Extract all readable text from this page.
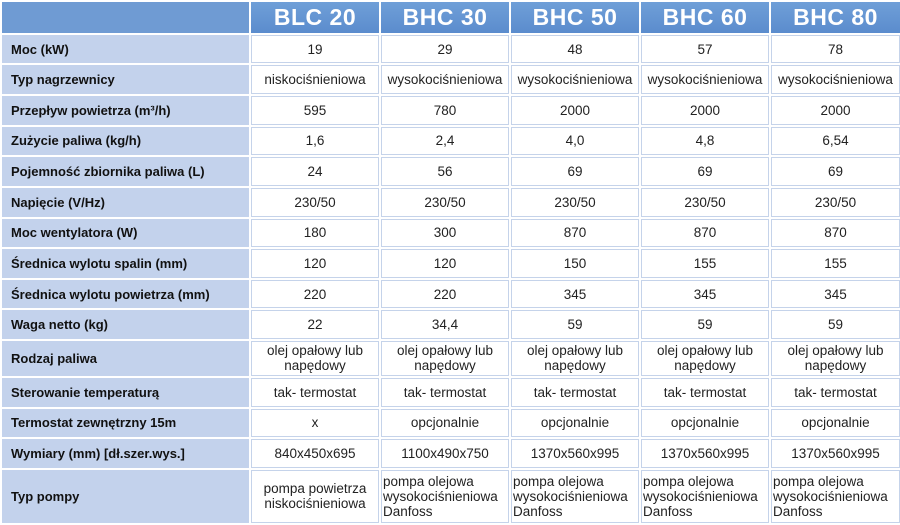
	BLC 20	BHC 30	BHC 50	BHC 60	BHC 80
Moc (kW)	19	29	48	57	78
Typ nagrzewnicy	niskociśnieniowa	wysokociśnieniowa	wysokociśnieniowa	wysokociśnieniowa	wysokociśnieniowa
Przepływ powietrza (m³/h)	595	780	2000	2000	2000
Zużycie paliwa (kg/h)	1,6	2,4	4,0	4,8	6,54
Pojemność zbiornika paliwa (L)	24	56	69	69	69
Napięcie (V/Hz)	230/50	230/50	230/50	230/50	230/50
Moc wentylatora (W)	180	300	870	870	870
Średnica wylotu spalin (mm)	120	120	150	155	155
Średnica wylotu powietrza (mm)	220	220	345	345	345
Waga netto (kg)	22	34,4	59	59	59
Rodzaj paliwa	olej opałowy lub napędowy	olej opałowy lub napędowy	olej opałowy lub napędowy	olej opałowy lub napędowy	olej opałowy lub napędowy
Sterowanie temperaturą	tak- termostat	tak- termostat	tak- termostat	tak- termostat	tak- termostat
Termostat zewnętrzny 15m	x	opcjonalnie	opcjonalnie	opcjonalnie	opcjonalnie
Wymiary (mm) [dł.szer.wys.]	840x450x695	1100x490x750	1370x560x995	1370x560x995	1370x560x995
Typ pompy	pompa powietrza niskociśnieniowa	pompa olejowa wysokociśnieniowa Danfoss	pompa olejowa wysokociśnieniowa Danfoss	pompa olejowa wysokociśnieniowa Danfoss	pompa olejowa wysokociśnieniowa Danfoss
